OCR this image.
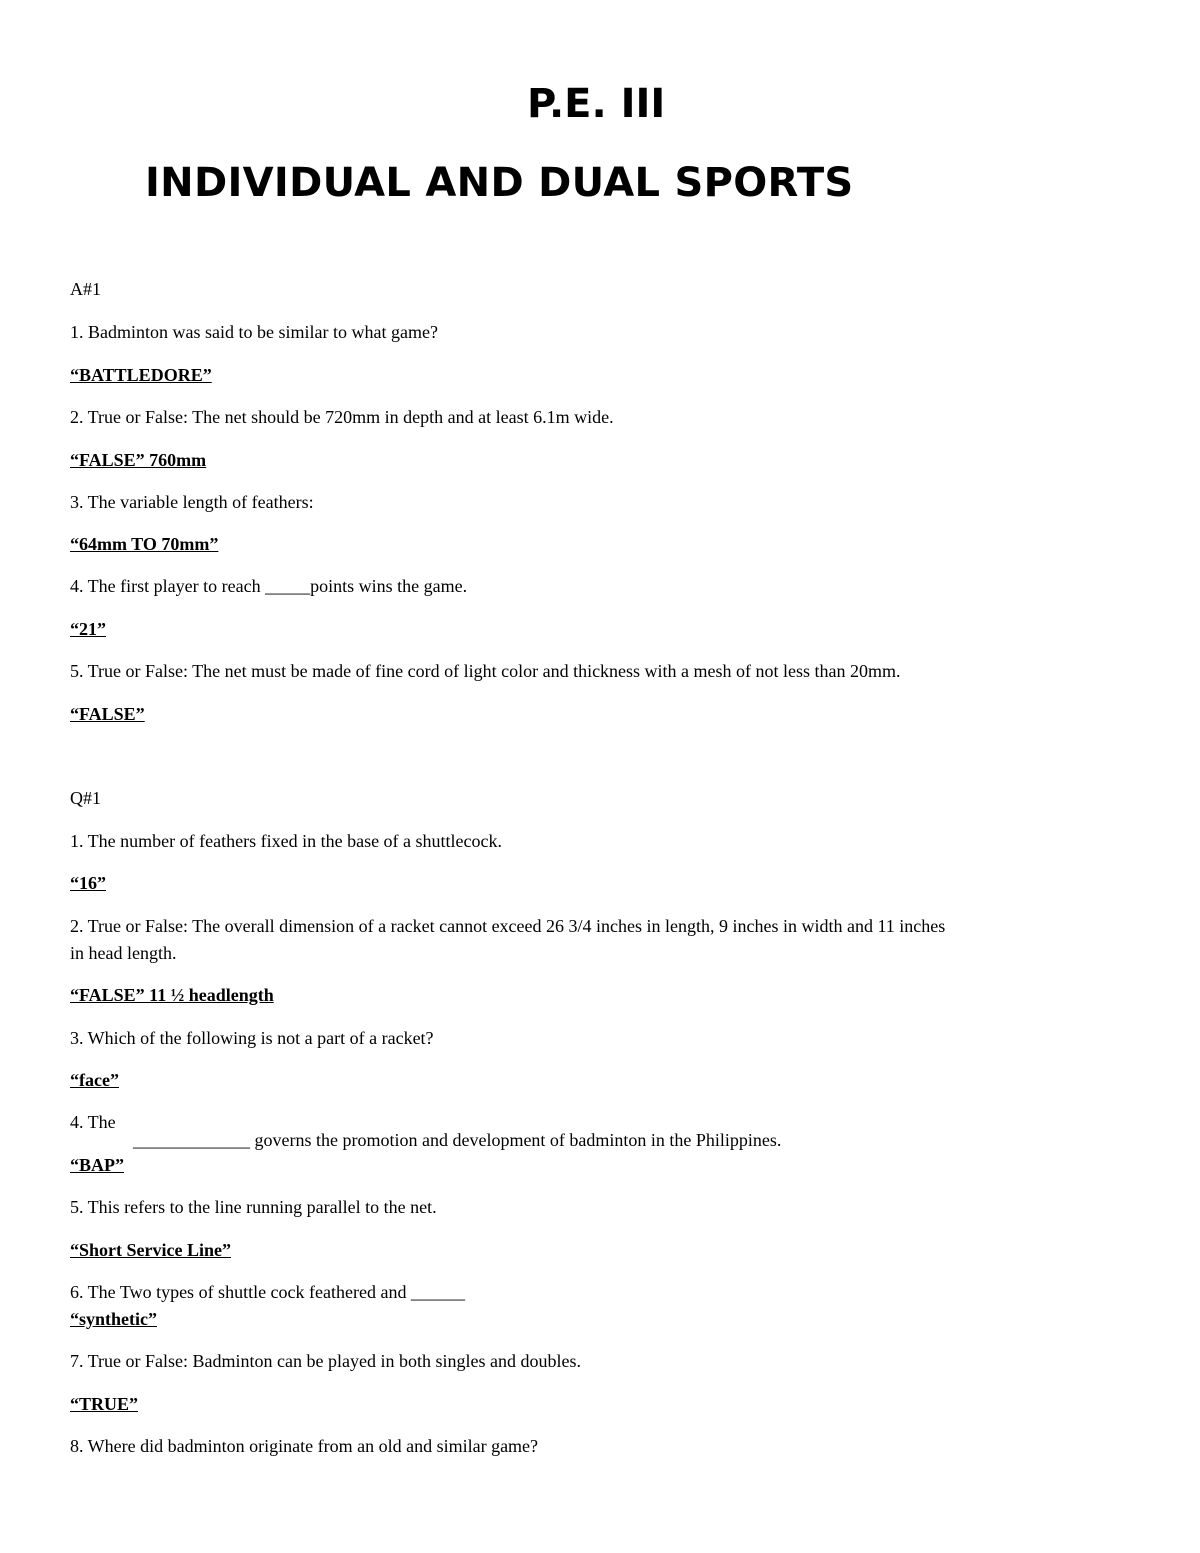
P.E. III
INDIVIDUAL AND DUAL SPORTS

A#1

1. Badminton was said to be similar to what game?

“BATTLEDORE”

2. True or False: The net should be 720mm in depth and at least 6.1m wide.

“FALSE” 760mm

3. The variable length of feathers:

“64mm TO 70mm”

4. The first player to reach _____points wins the game.

“21”

5. True or False: The net must be made of fine cord of light color and thickness with a mesh of not less than 20mm.

“FALSE”

Q#1

1. The number of feathers fixed in the base of a shuttlecock.

“16”

2. True or False: The overall dimension of a racket cannot exceed 26 3/4 inches in length, 9 inches in width and 11 inches

in head length.

“FALSE” 11 ½ headlength

3. Which of the following is not a part of a racket?

“face”

4. The

_____________ governs the promotion and development of badminton in the Philippines.

“BAP”

5. This refers to the line running parallel to the net.

“Short Service Line”

6. The Two types of shuttle cock feathered and ______

“synthetic”

7. True or False: Badminton can be played in both singles and doubles.

“TRUE”

8. Where did badminton originate from an old and similar game?
